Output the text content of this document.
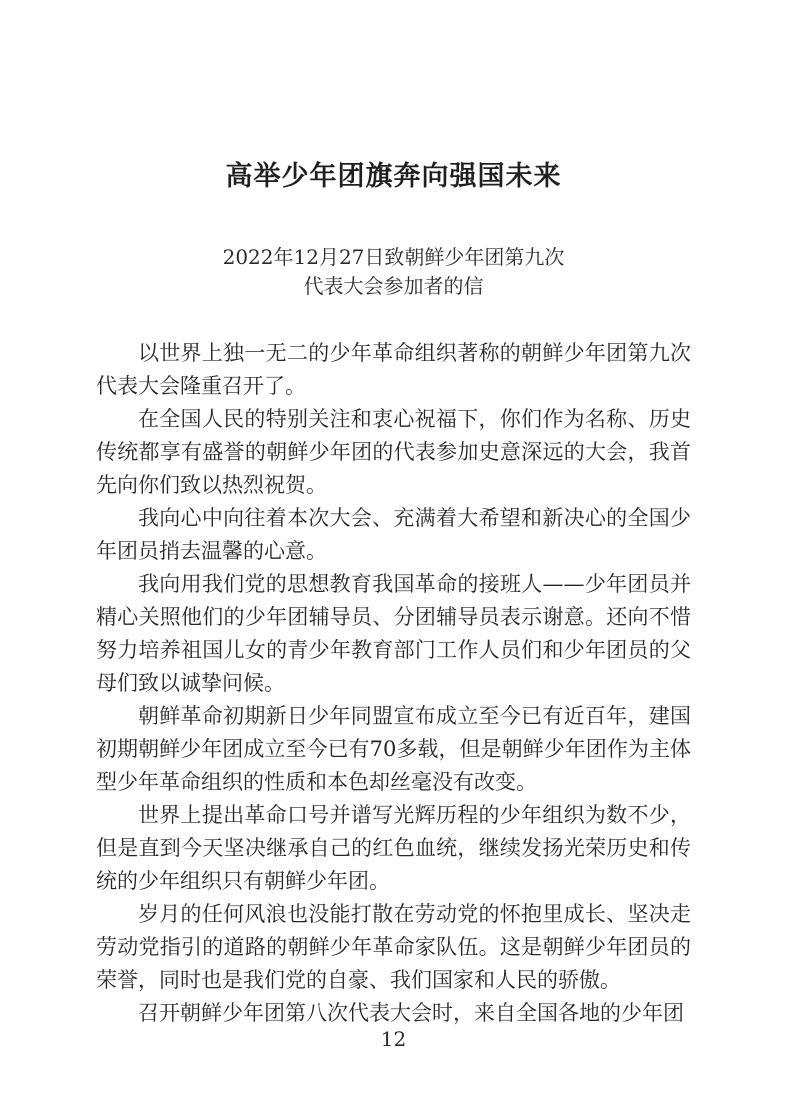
高举少年团旗奔向强国未来
2022年12月27日致朝鲜少年团第九次
代表大会参加者的信

以世界上独一无二的少年革命组织著称的朝鲜少年团第九次代表大会隆重召开了。

在全国人民的特别关注和衷心祝福下，你们作为名称、历史传统都享有盛誉的朝鲜少年团的代表参加史意深远的大会，我首先向你们致以热烈祝贺。

我向心中向往着本次大会、充满着大希望和新决心的全国少年团员捎去温馨的心意。

我向用我们党的思想教育我国革命的接班人——少年团员并精心关照他们的少年团辅导员、分团辅导员表示谢意。还向不惜努力培养祖国儿女的青少年教育部门工作人员们和少年团员的父母们致以诚挚问候。

朝鲜革命初期新日少年同盟宣布成立至今已有近百年，建国初期朝鲜少年团成立至今已有70多载，但是朝鲜少年团作为主体型少年革命组织的性质和本色却丝毫没有改变。

世界上提出革命口号并谱写光辉历程的少年组织为数不少，但是直到今天坚决继承自己的红色血统，继续发扬光荣历史和传统的少年组织只有朝鲜少年团。

岁月的任何风浪也没能打散在劳动党的怀抱里成长、坚决走劳动党指引的道路的朝鲜少年革命家队伍。这是朝鲜少年团员的荣誉，同时也是我们党的自豪、我们国家和人民的骄傲。

召开朝鲜少年团第八次代表大会时，来自全国各地的少年团

12
